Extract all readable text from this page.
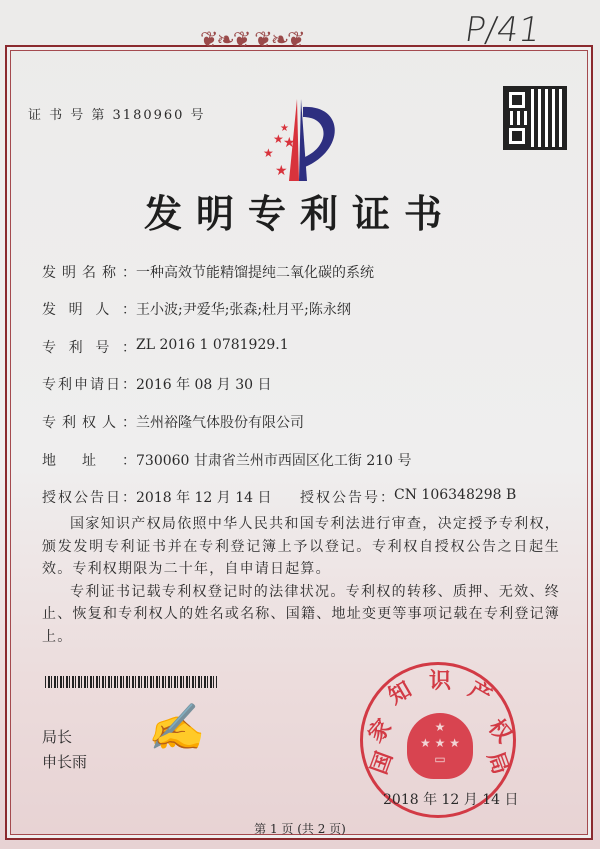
❦❧❦ ❦❧❦	P/41
证 书 号 第 3180960 号
★
★ ★
★
★
发明专利证书
发 明 名 称 ： 一种高效节能精馏提纯二氧化碳的系统
发 明 人 ： 王小波;尹爱华;张森;杜月平;陈永纲
专 利 号 ： ZL 2016 1 0781929.1
专 利 申 请 日 ： 2016 年 08 月 30 日
专 利 权 人 ： 兰州裕隆气体股份有限公司
地 址 ： 730060 甘肃省兰州市西固区化工街 210 号
授 权 公 告 日 ： 2018 年 12 月 14 日 授 权 公 告 号 ： CN 106348298 B

国家知识产权局依照中华人民共和国专利法进行审查，决定授予专利权，颁发发明专利证书并在专利登记簿上予以登记。专利权自授权公告之日起生效。专利权期限为二十年，自申请日起算。

专利证书记载专利权登记时的法律状况。专利权的转移、质押、无效、终止、恢复和专利权人的姓名或名称、国籍、地址变更等事项记载在专利登记簿上。

局长
申长雨
✍
国
家
知 识 产
权
局
★
★ ★ ★
▭
2018 年 12 月 14 日
第 1 页 (共 2 页)
